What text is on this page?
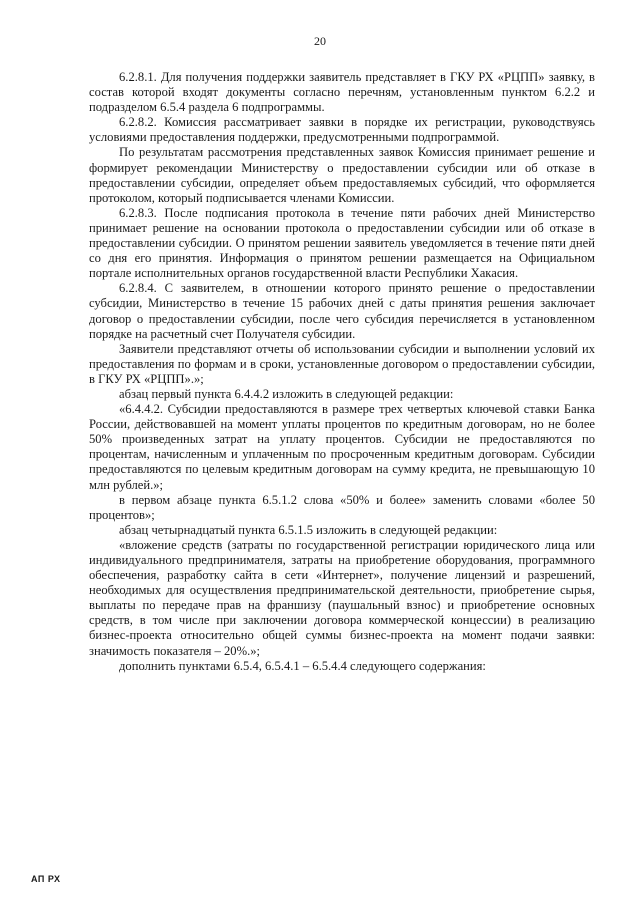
20

6.2.8.1. Для получения поддержки заявитель представляет в ГКУ РХ «РЦПП» заявку, в состав которой входят документы согласно перечням, установленным пунктом 6.2.2 и подразделом 6.5.4 раздела 6 подпрограммы.

6.2.8.2. Комиссия рассматривает заявки в порядке их регистрации, руководствуясь условиями предоставления поддержки, предусмотренными подпрограммой.

По результатам рассмотрения представленных заявок Комиссия принимает решение и формирует рекомендации Министерству о предоставлении субсидии или об отказе в предоставлении субсидии, определяет объем предоставляемых субсидий, что оформляется протоколом, который подписывается членами Комиссии.

6.2.8.3. После подписания протокола в течение пяти рабочих дней Министерство принимает решение на основании протокола о предоставлении субсидии или об отказе в предоставлении субсидии. О принятом решении заявитель уведомляется в течение пяти дней со дня его принятия. Информация о принятом решении размещается на Официальном портале исполнительных органов государственной власти Республики Хакасия.

6.2.8.4. С заявителем, в отношении которого принято решение о предоставлении субсидии, Министерство в течение 15 рабочих дней с даты принятия решения заключает договор о предоставлении субсидии, после чего субсидия перечисляется в установленном порядке на расчетный счет Получателя субсидии.

Заявители представляют отчеты об использовании субсидии и выполнении условий их предоставления по формам и в сроки, установленные договором о предоставлении субсидии, в ГКУ РХ «РЦПП».»;

абзац первый пункта 6.4.4.2 изложить в следующей редакции:

«6.4.4.2. Субсидии предоставляются в размере трех четвертых ключевой ставки Банка России, действовавшей на момент уплаты процентов по кредитным договорам, но не более 50% произведенных затрат на уплату процентов. Субсидии не предоставляются по процентам, начисленным и уплаченным по просроченным кредитным договорам. Субсидии предоставляются по целевым кредитным договорам на сумму кредита, не превышающую 10 млн рублей.»;

в первом абзаце пункта 6.5.1.2 слова «50% и более» заменить словами «более 50 процентов»;

абзац четырнадцатый пункта 6.5.1.5 изложить в следующей редакции:

«вложение средств (затраты по государственной регистрации юридического лица или индивидуального предпринимателя, затраты на приобретение оборудования, программного обеспечения, разработку сайта в сети «Интернет», получение лицензий и разрешений, необходимых для осуществления предпринимательской деятельности, приобретение сырья, выплаты по передаче прав на франшизу (паушальный взнос) и приобретение основных средств, в том числе при заключении договора коммерческой концессии) в реализацию бизнес-проекта относительно общей суммы бизнес-проекта на момент подачи заявки: значимость показателя – 20%.»;

дополнить пунктами 6.5.4, 6.5.4.1 – 6.5.4.4 следующего содержания:

АП РХ
